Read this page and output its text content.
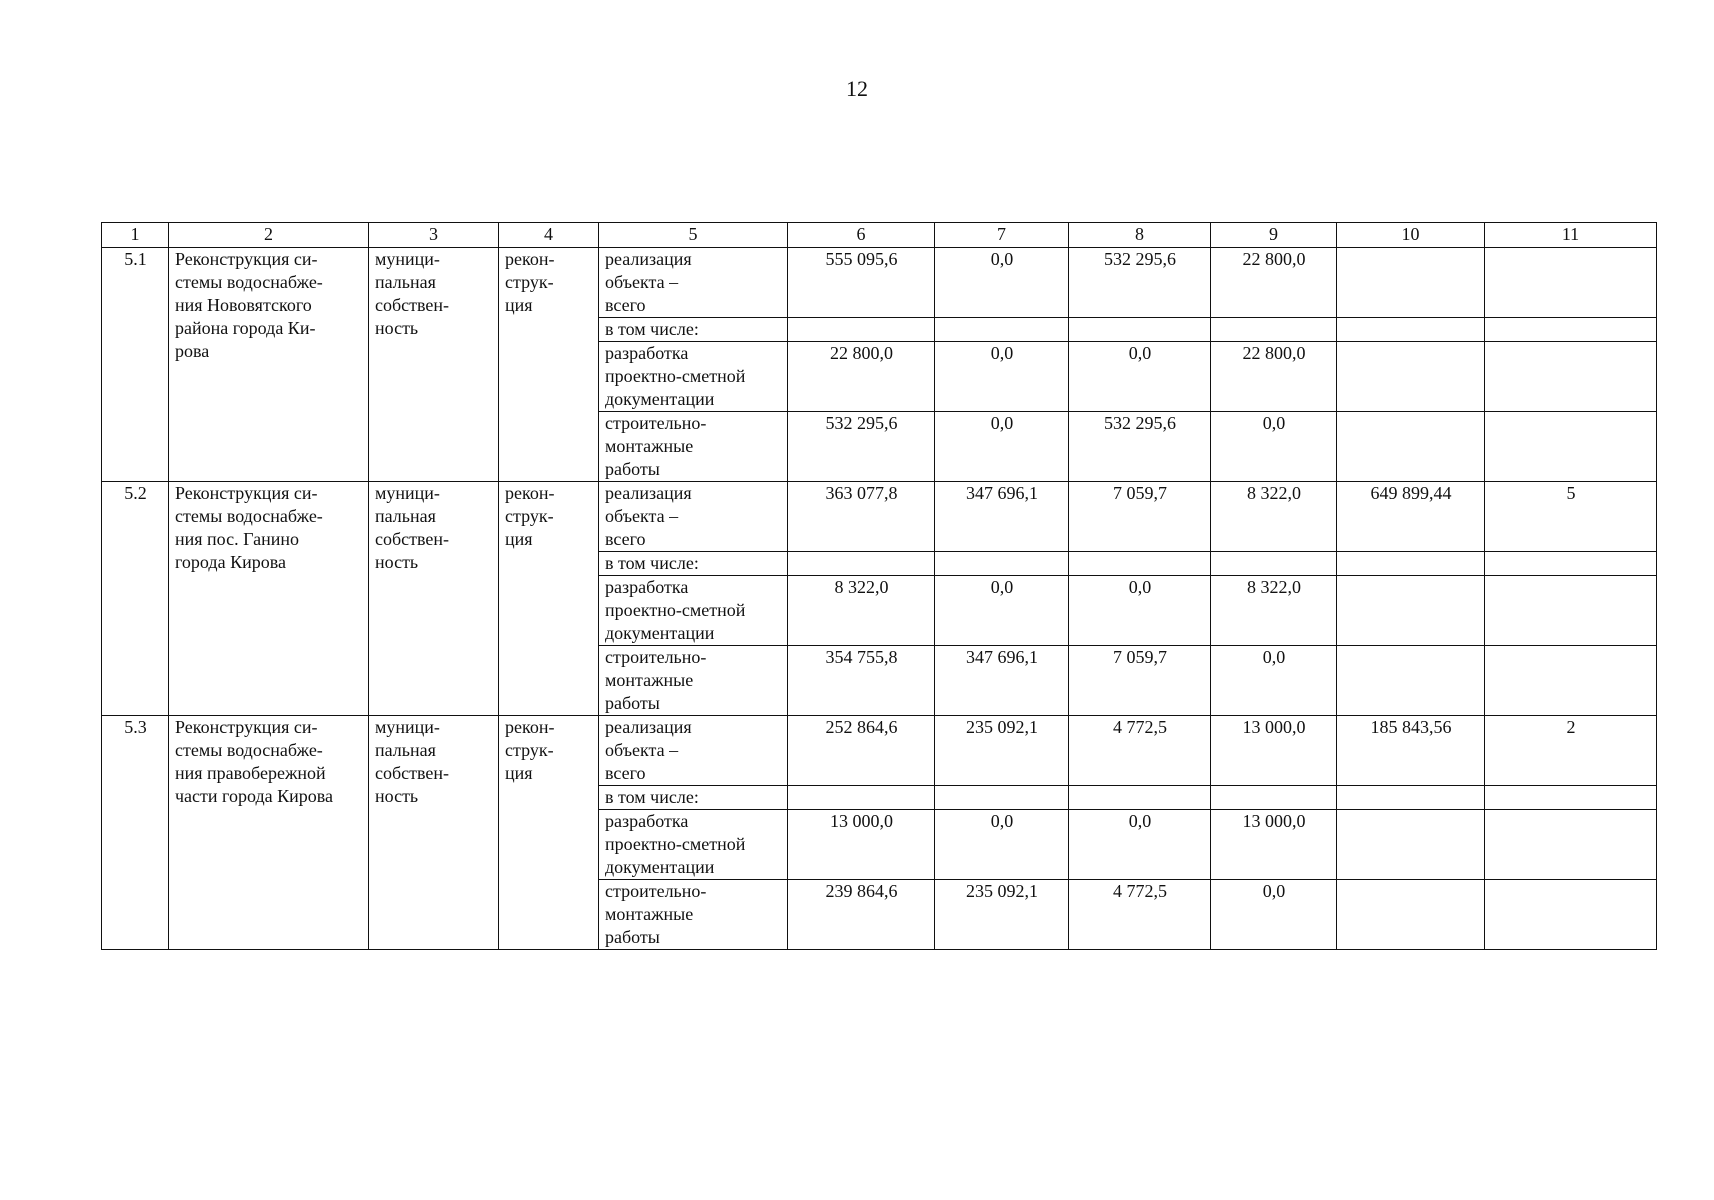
12
1	2	3	4	5	6	7	8	9	10	11
5.1	Реконструкция си-
стемы водоснабже-
ния Нововятского
района города Ки-
рова	муници-
пальная
собствен-
ность	рекон-
струк-
ция	реализация
объекта –
всего	555 095,6	0,0	532 295,6	22 800,0		
				в том числе:						
				разработка
проектно-сметной
документации	22 800,0	0,0	0,0	22 800,0		
				строительно-
монтажные
работы	532 295,6	0,0	532 295,6	0,0		
5.2	Реконструкция си-
стемы водоснабже-
ния пос. Ганино
города Кирова	муници-
пальная
собствен-
ность	рекон-
струк-
ция	реализация
объекта –
всего	363 077,8	347 696,1	7 059,7	8 322,0	649 899,44	5
				в том числе:						
				разработка
проектно-сметной
документации	8 322,0	0,0	0,0	8 322,0		
				строительно-
монтажные
работы	354 755,8	347 696,1	7 059,7	0,0		
5.3	Реконструкция си-
стемы водоснабже-
ния правобережной
части города Кирова	муници-
пальная
собствен-
ность	рекон-
струк-
ция	реализация
объекта –
всего	252 864,6	235 092,1	4 772,5	13 000,0	185 843,56	2
				в том числе:						
				разработка
проектно-сметной
документации	13 000,0	0,0	0,0	13 000,0		
				строительно-
монтажные
работы	239 864,6	235 092,1	4 772,5	0,0		
